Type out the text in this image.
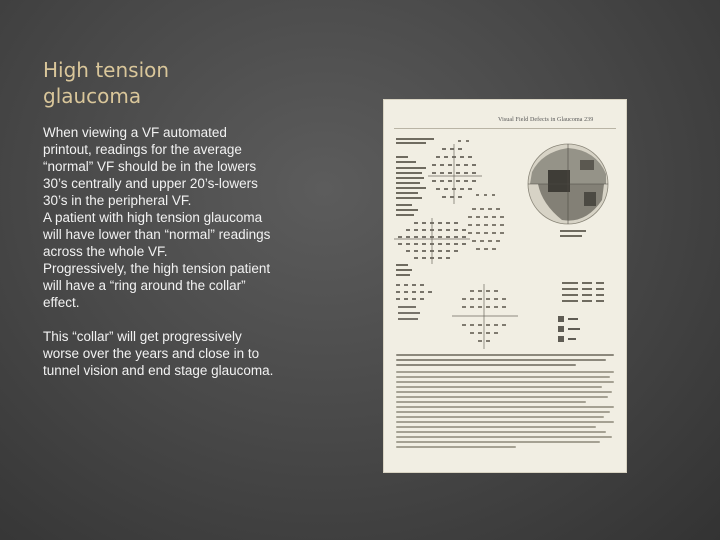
High tension
glaucoma

When viewing a VF automated printout, readings for the average “normal” VF should be in the lowers 30’s centrally and upper 20’s-lowers 30’s in the peripheral VF.

A patient with high tension glaucoma will have lower than “normal” readings across the whole VF.

Progressively, the high tension patient will have a “ring around the collar” effect.

This “collar” will get progressively worse over the years and close in to tunnel vision and end stage glaucoma.

Visual Field Defects in Glaucoma 239
